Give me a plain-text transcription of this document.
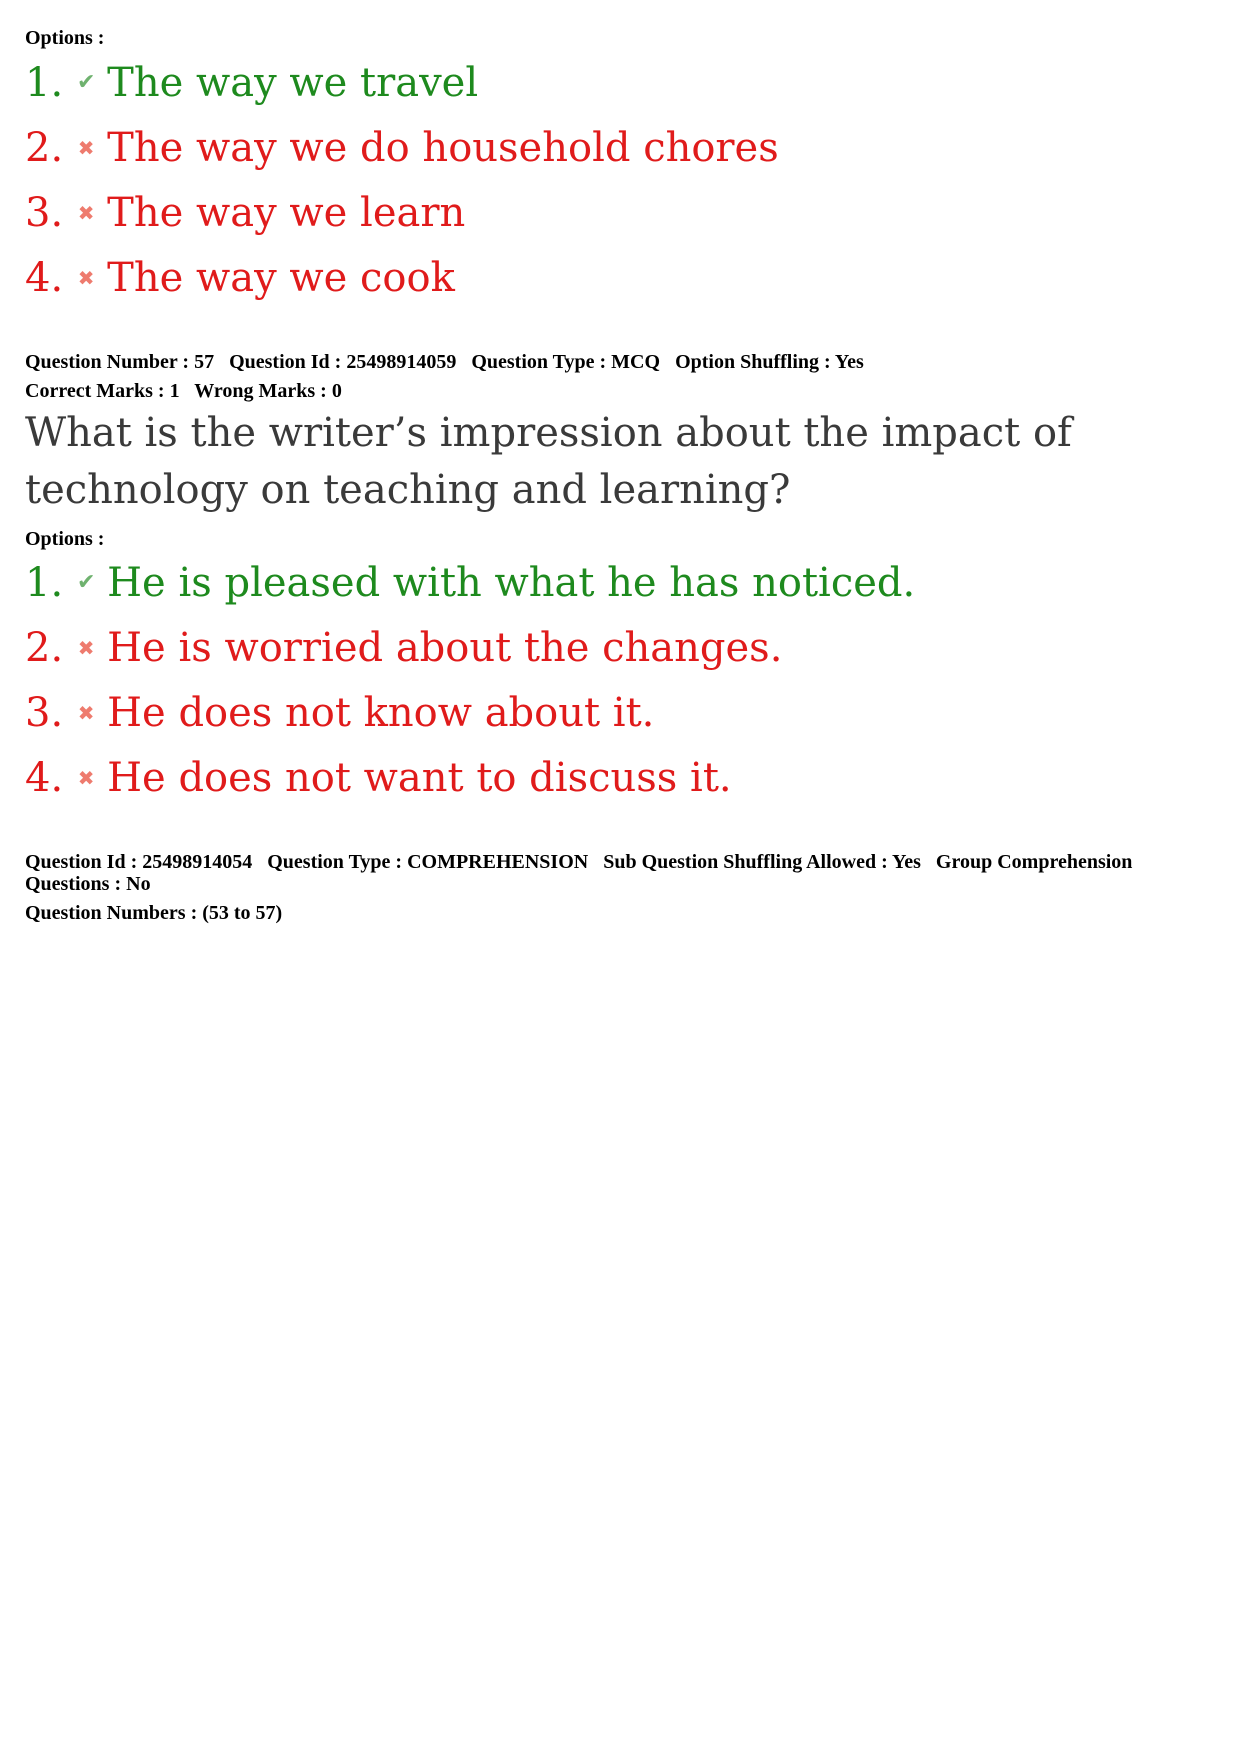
Options :
1. ✔ The way we travel
2. ✖ The way we do household chores
3. ✖ The way we learn
4. ✖ The way we cook
Question Number : 57 Question Id : 25498914059 Question Type : MCQ Option Shuffling : Yes
Correct Marks : 1 Wrong Marks : 0
What is the writer’s impression about the impact of
technology on teaching and learning?
Options :
1. ✔ He is pleased with what he has noticed.
2. ✖ He is worried about the changes.
3. ✖ He does not know about it.
4. ✖ He does not want to discuss it.
Question Id : 25498914054 Question Type : COMPREHENSION Sub Question Shuffling Allowed : Yes Group Comprehension
Questions : No
Question Numbers : (53 to 57)
